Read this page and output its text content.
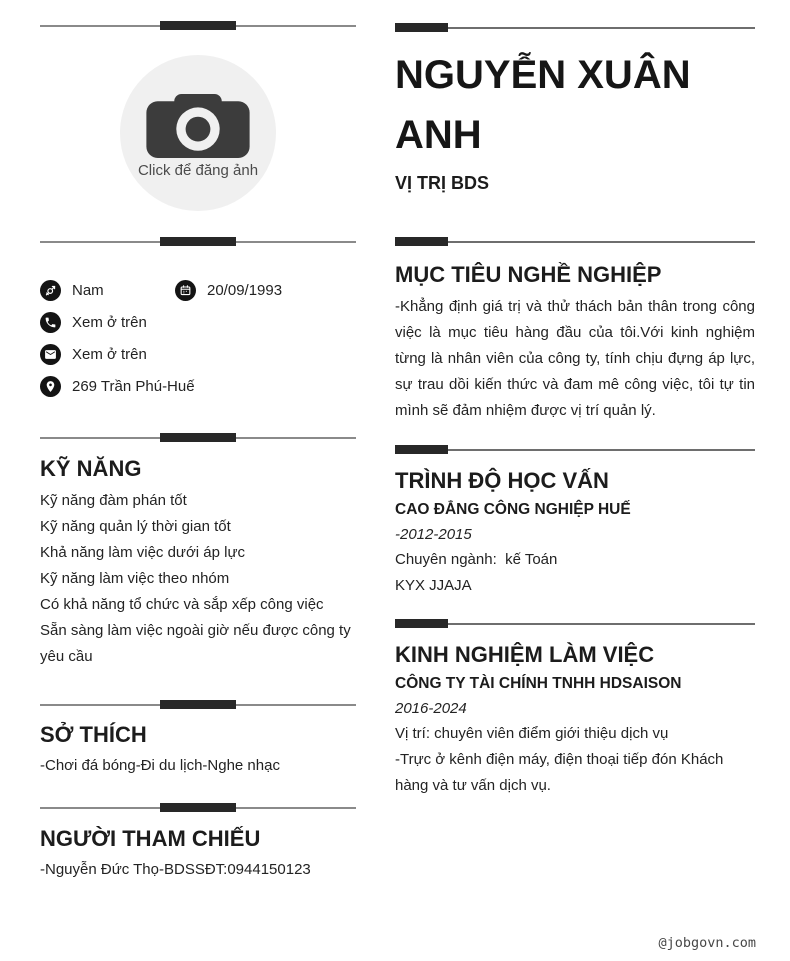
Click để đăng ảnh
Nam	20/09/1993
Xem ở trên
Xem ở trên
269 Trần Phú-Huế
KỸ NĂNG
Kỹ năng đàm phán tốt
Kỹ năng quản lý thời gian tốt
Khả năng làm việc dưới áp lực
Kỹ năng làm việc theo nhóm
Có khả năng tổ chức và sắp xếp công việc
Sẵn sàng làm việc ngoài giờ nếu được công ty yêu cầu
SỞ THÍCH
-Chơi đá bóng-Đi du lịch-Nghe nhạc
NGƯỜI THAM CHIẾU
-Nguyễn Đức Thọ-BDSSĐT:0944150123
NGUYỄN XUÂN ANH
VỊ TRỊ BDS
MỤC TIÊU NGHỀ NGHIỆP
-Khẳng định giá trị và thử thách bản thân trong công việc là mục tiêu hàng đầu của tôi.Với kinh nghiệm từng là nhân viên của công ty, tính chịu đựng áp lực, sự trau dồi kiến thức và đam mê công việc, tôi tự tin mình sẽ đảm nhiệm được vị trí quản lý.
TRÌNH ĐỘ HỌC VẤN
CAO ĐẲNG CÔNG NGHIỆP HUẾ
-2012-2015
Chuyên ngành:  kế Toán
KYX JJAJA
KINH NGHIỆM LÀM VIỆC
CÔNG TY TÀI CHÍNH TNHH HDSAISON
2016-2024
Vị trí: chuyên viên điểm giới thiệu dịch vụ
-Trực ở kênh điện máy, điện thoại tiếp đón Khách hàng và tư vấn dịch vụ.
@jobgovn.com
